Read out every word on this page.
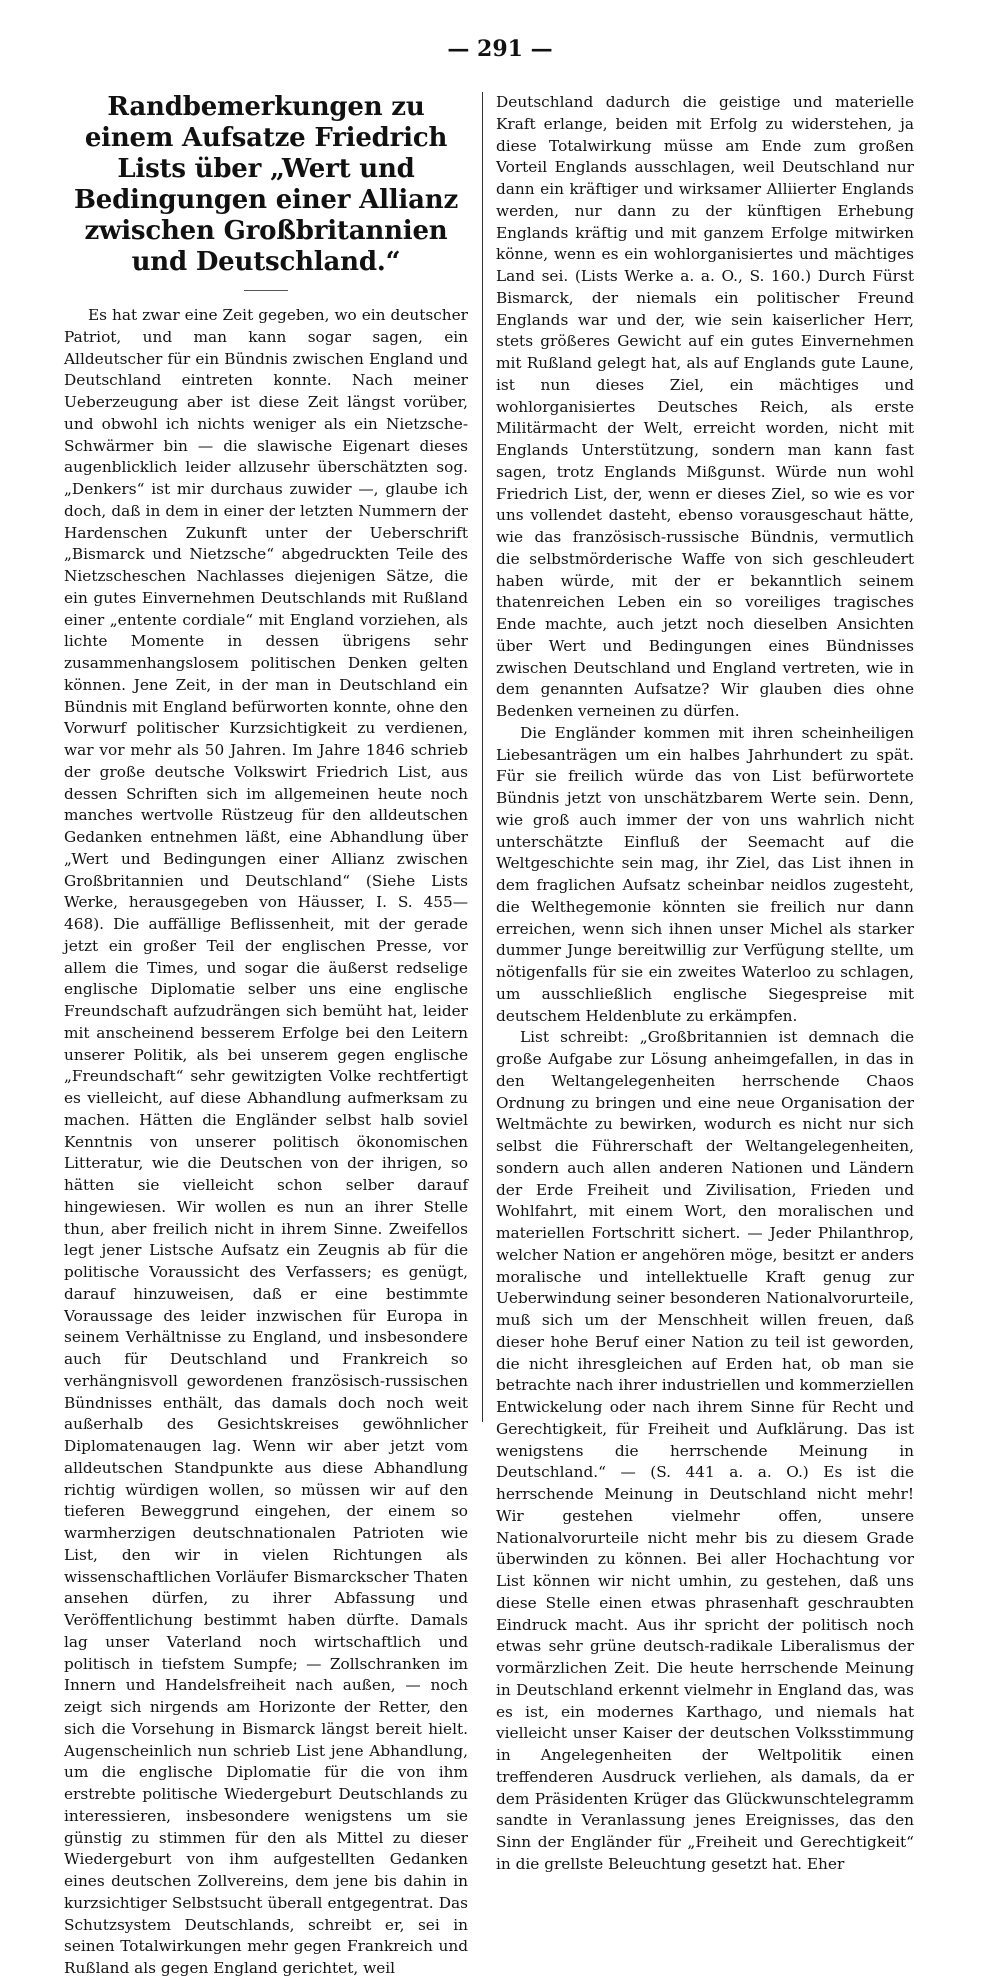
— 291 —
Randbemerkungen zu einem Aufsatze Friedrich Lists über „Wert und Bedingungen einer Allianz zwischen Großbritannien und Deutschland.“

Es hat zwar eine Zeit gegeben, wo ein deutscher Patriot, und man kann sogar sagen, ein Alldeutscher für ein Bündnis zwischen England und Deutschland eintreten konnte. Nach meiner Ueberzeugung aber ist diese Zeit längst vorüber, und obwohl ich nichts weniger als ein Nietzsche-Schwärmer bin — die slawische Eigenart dieses augenblicklich leider allzusehr überschätzten sog. „Denkers“ ist mir durchaus zuwider —, glaube ich doch, daß in dem in einer der letzten Nummern der Hardenschen Zukunft unter der Ueberschrift „Bismarck und Nietzsche“ abgedruckten Teile des Nietzscheschen Nachlasses diejenigen Sätze, die ein gutes Einvernehmen Deutschlands mit Rußland einer „entente cordiale“ mit England vorziehen, als lichte Momente in dessen übrigens sehr zusammenhangslosem politischen Denken gelten können. Jene Zeit, in der man in Deutschland ein Bündnis mit England befürworten konnte, ohne den Vorwurf politischer Kurzsichtigkeit zu verdienen, war vor mehr als 50 Jahren. Im Jahre 1846 schrieb der große deutsche Volkswirt Friedrich List, aus dessen Schriften sich im allgemeinen heute noch manches wertvolle Rüstzeug für den alldeutschen Gedanken entnehmen läßt, eine Abhandlung über „Wert und Bedingungen einer Allianz zwischen Großbritannien und Deutschland“ (Siehe Lists Werke, herausgegeben von Häusser, I. S. 455—468). Die auffällige Beflissenheit, mit der gerade jetzt ein großer Teil der englischen Presse, vor allem die Times, und sogar die äußerst redselige englische Diplomatie selber uns eine englische Freundschaft aufzudrängen sich bemüht hat, leider mit anscheinend besserem Erfolge bei den Leitern unserer Politik, als bei unserem gegen englische „Freundschaft“ sehr gewitzigten Volke rechtfertigt es vielleicht, auf diese Abhandlung aufmerksam zu machen. Hätten die Engländer selbst halb soviel Kenntnis von unserer politisch ökonomischen Litteratur, wie die Deutschen von der ihrigen, so hätten sie vielleicht schon selber darauf hingewiesen. Wir wollen es nun an ihrer Stelle thun, aber freilich nicht in ihrem Sinne. Zweifellos legt jener Listsche Aufsatz ein Zeugnis ab für die politische Voraussicht des Verfassers; es genügt, darauf hinzuweisen, daß er eine bestimmte Voraussage des leider inzwischen für Europa in seinem Verhältnisse zu England, und insbesondere auch für Deutschland und Frankreich so verhängnisvoll gewordenen französisch-russischen Bündnisses enthält, das damals doch noch weit außerhalb des Gesichtskreises gewöhnlicher Diplomatenaugen lag. Wenn wir aber jetzt vom alldeutschen Standpunkte aus diese Abhandlung richtig würdigen wollen, so müssen wir auf den tieferen Beweggrund eingehen, der einem so warmherzigen deutschnationalen Patrioten wie List, den wir in vielen Richtungen als wissenschaftlichen Vorläufer Bismarckscher Thaten ansehen dürfen, zu ihrer Abfassung und Veröffentlichung bestimmt haben dürfte. Damals lag unser Vaterland noch wirtschaftlich und politisch in tiefstem Sumpfe; — Zollschranken im Innern und Handelsfreiheit nach außen, — noch zeigt sich nirgends am Horizonte der Retter, den sich die Vorsehung in Bismarck längst bereit hielt. Augenscheinlich nun schrieb List jene Abhandlung, um die englische Diplomatie für die von ihm erstrebte politische Wiedergeburt Deutschlands zu interessieren, insbesondere wenigstens um sie günstig zu stimmen für den als Mittel zu dieser Wiedergeburt von ihm aufgestellten Gedanken eines deutschen Zollvereins, dem jene bis dahin in kurzsichtiger Selbstsucht überall entgegentrat. Das Schutzsystem Deutschlands, schreibt er, sei in seinen Totalwirkungen mehr gegen Frankreich und Rußland als gegen England gerichtet, weil

Deutschland dadurch die geistige und materielle Kraft erlange, beiden mit Erfolg zu widerstehen, ja diese Totalwirkung müsse am Ende zum großen Vorteil Englands ausschlagen, weil Deutschland nur dann ein kräftiger und wirksamer Alliierter Englands werden, nur dann zu der künftigen Erhebung Englands kräftig und mit ganzem Erfolge mitwirken könne, wenn es ein wohlorganisiertes und mächtiges Land sei. (Lists Werke a. a. O., S. 160.) Durch Fürst Bismarck, der niemals ein politischer Freund Englands war und der, wie sein kaiserlicher Herr, stets größeres Gewicht auf ein gutes Einvernehmen mit Rußland gelegt hat, als auf Englands gute Laune, ist nun dieses Ziel, ein mächtiges und wohlorganisiertes Deutsches Reich, als erste Militärmacht der Welt, erreicht worden, nicht mit Englands Unterstützung, sondern man kann fast sagen, trotz Englands Mißgunst. Würde nun wohl Friedrich List, der, wenn er dieses Ziel, so wie es vor uns vollendet dasteht, ebenso vorausgeschaut hätte, wie das französisch-russische Bündnis, vermutlich die selbstmörderische Waffe von sich geschleudert haben würde, mit der er bekanntlich seinem thatenreichen Leben ein so voreiliges tragisches Ende machte, auch jetzt noch dieselben Ansichten über Wert und Bedingungen eines Bündnisses zwischen Deutschland und England vertreten, wie in dem genannten Aufsatze? Wir glauben dies ohne Bedenken verneinen zu dürfen.

Die Engländer kommen mit ihren scheinheiligen Liebesanträgen um ein halbes Jahrhundert zu spät. Für sie freilich würde das von List befürwortete Bündnis jetzt von unschätzbarem Werte sein. Denn, wie groß auch immer der von uns wahrlich nicht unterschätzte Einfluß der Seemacht auf die Weltgeschichte sein mag, ihr Ziel, das List ihnen in dem fraglichen Aufsatz scheinbar neidlos zugesteht, die Welthegemonie könnten sie freilich nur dann erreichen, wenn sich ihnen unser Michel als starker dummer Junge bereitwillig zur Verfügung stellte, um nötigenfalls für sie ein zweites Waterloo zu schlagen, um ausschließlich englische Siegespreise mit deutschem Heldenblute zu erkämpfen.

List schreibt: „Großbritannien ist demnach die große Aufgabe zur Lösung anheimgefallen, in das in den Weltangelegenheiten herrschende Chaos Ordnung zu bringen und eine neue Organisation der Weltmächte zu bewirken, wodurch es nicht nur sich selbst die Führerschaft der Weltangelegenheiten, sondern auch allen anderen Nationen und Ländern der Erde Freiheit und Zivilisation, Frieden und Wohlfahrt, mit einem Wort, den moralischen und materiellen Fortschritt sichert. — Jeder Philanthrop, welcher Nation er angehören möge, besitzt er anders moralische und intellektuelle Kraft genug zur Ueberwindung seiner besonderen Nationalvorurteile, muß sich um der Menschheit willen freuen, daß dieser hohe Beruf einer Nation zu teil ist geworden, die nicht ihresgleichen auf Erden hat, ob man sie betrachte nach ihrer industriellen und kommerziellen Entwickelung oder nach ihrem Sinne für Recht und Gerechtigkeit, für Freiheit und Aufklärung. Das ist wenigstens die herrschende Meinung in Deutschland.“ — (S. 441 a. a. O.) Es ist die herrschende Meinung in Deutschland nicht mehr! Wir gestehen vielmehr offen, unsere Nationalvorurteile nicht mehr bis zu diesem Grade überwinden zu können. Bei aller Hochachtung vor List können wir nicht umhin, zu gestehen, daß uns diese Stelle einen etwas phrasenhaft geschraubten Eindruck macht. Aus ihr spricht der politisch noch etwas sehr grüne deutsch-radikale Liberalismus der vormärzlichen Zeit. Die heute herrschende Meinung in Deutschland erkennt vielmehr in England das, was es ist, ein modernes Karthago, und niemals hat vielleicht unser Kaiser der deutschen Volksstimmung in Angelegenheiten der Weltpolitik einen treffenderen Ausdruck verliehen, als damals, da er dem Präsidenten Krüger das Glückwunschtelegramm sandte in Veranlassung jenes Ereignisses, das den Sinn der Engländer für „Freiheit und Gerechtigkeit“ in die grellste Beleuchtung gesetzt hat. Eher
